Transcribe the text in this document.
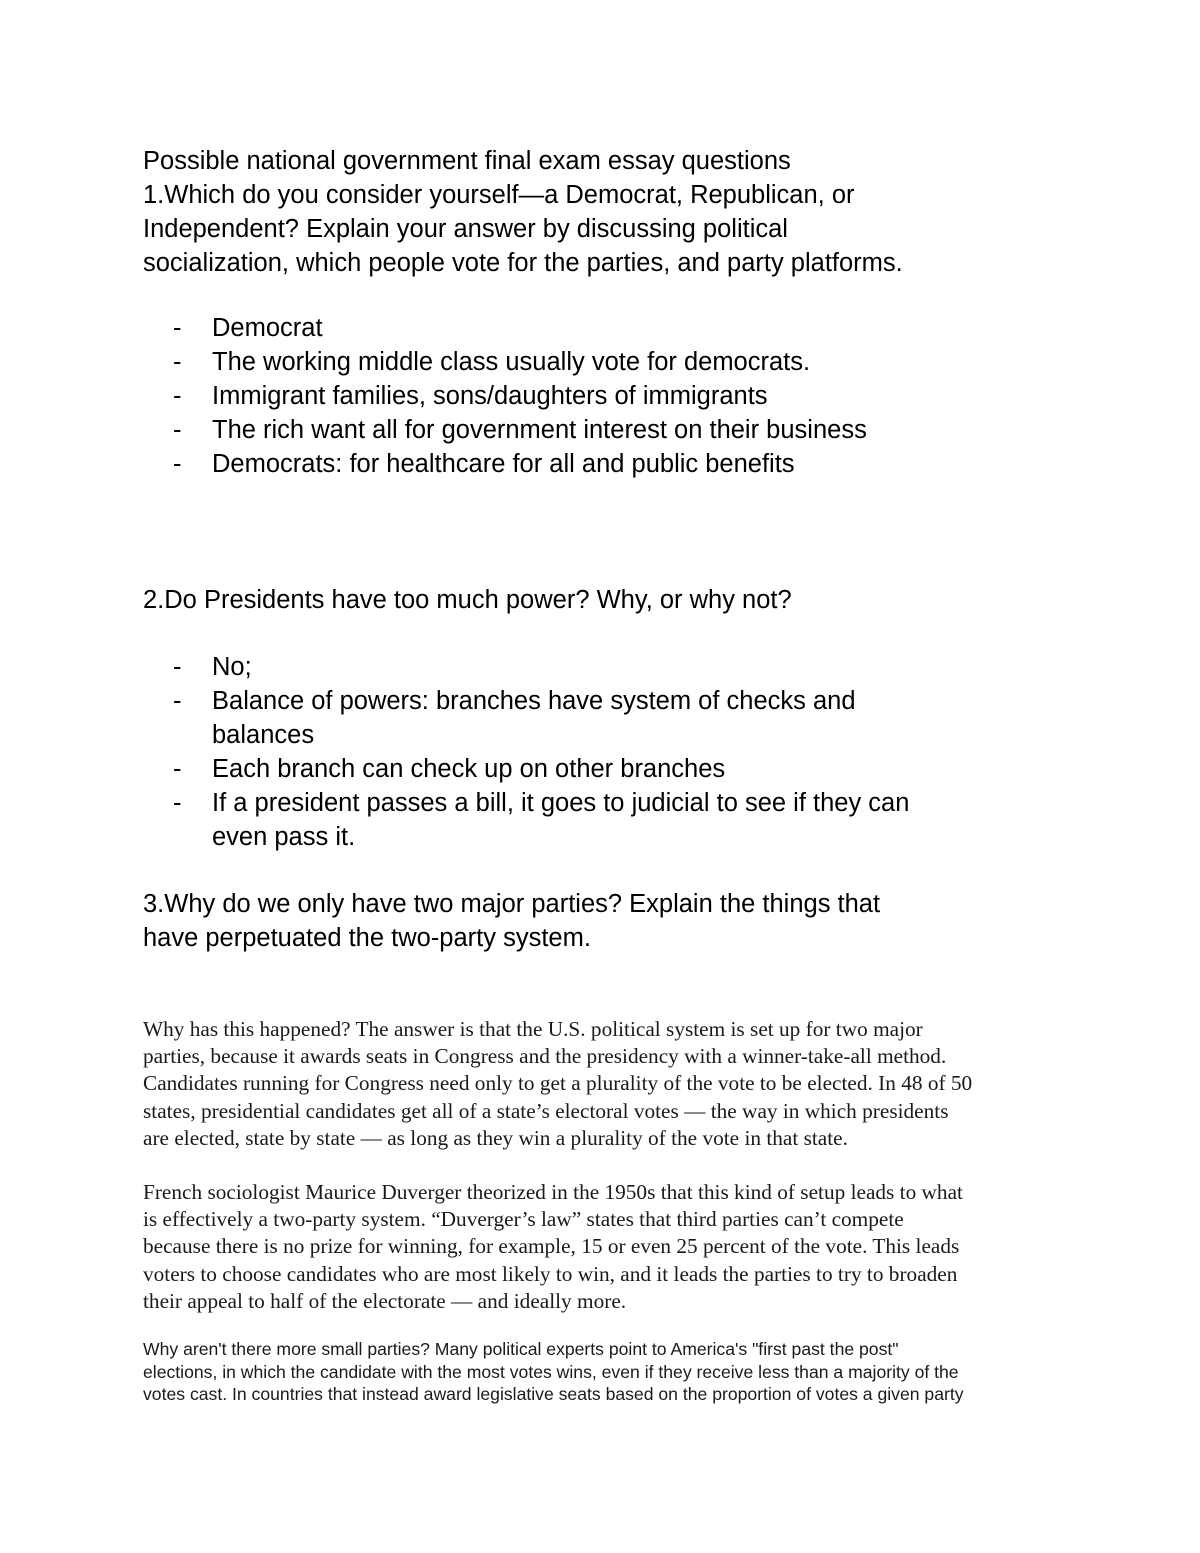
Possible national government final exam essay questions
1.Which do you consider yourself—a Democrat, Republican, or
Independent? Explain your answer by discussing political
socialization, which people vote for the parties, and party platforms.
- Democrat
- The working middle class usually vote for democrats.
- Immigrant families, sons/daughters of immigrants
- The rich want all for government interest on their business
- Democrats: for healthcare for all and public benefits
2.Do Presidents have too much power? Why, or why not?
- No;
- Balance of powers: branches have system of checks and
balances
- Each branch can check up on other branches
- If a president passes a bill, it goes to judicial to see if they can
even pass it.
3.Why do we only have two major parties? Explain the things that
have perpetuated the two-party system.
Why has this happened? The answer is that the U.S. political system is set up for two major
parties, because it awards seats in Congress and the presidency with a winner-take-all method.
Candidates running for Congress need only to get a plurality of the vote to be elected. In 48 of 50
states, presidential candidates get all of a state’s electoral votes — the way in which presidents
are elected, state by state — as long as they win a plurality of the vote in that state.
French sociologist Maurice Duverger theorized in the 1950s that this kind of setup leads to what
is effectively a two-party system. “Duverger’s law” states that third parties can’t compete
because there is no prize for winning, for example, 15 or even 25 percent of the vote. This leads
voters to choose candidates who are most likely to win, and it leads the parties to try to broaden
their appeal to half of the electorate — and ideally more.
Why aren't there more small parties? Many political experts point to America's "first past the post"
elections, in which the candidate with the most votes wins, even if they receive less than a majority of the
votes cast. In countries that instead award legislative seats based on the proportion of votes a given party
